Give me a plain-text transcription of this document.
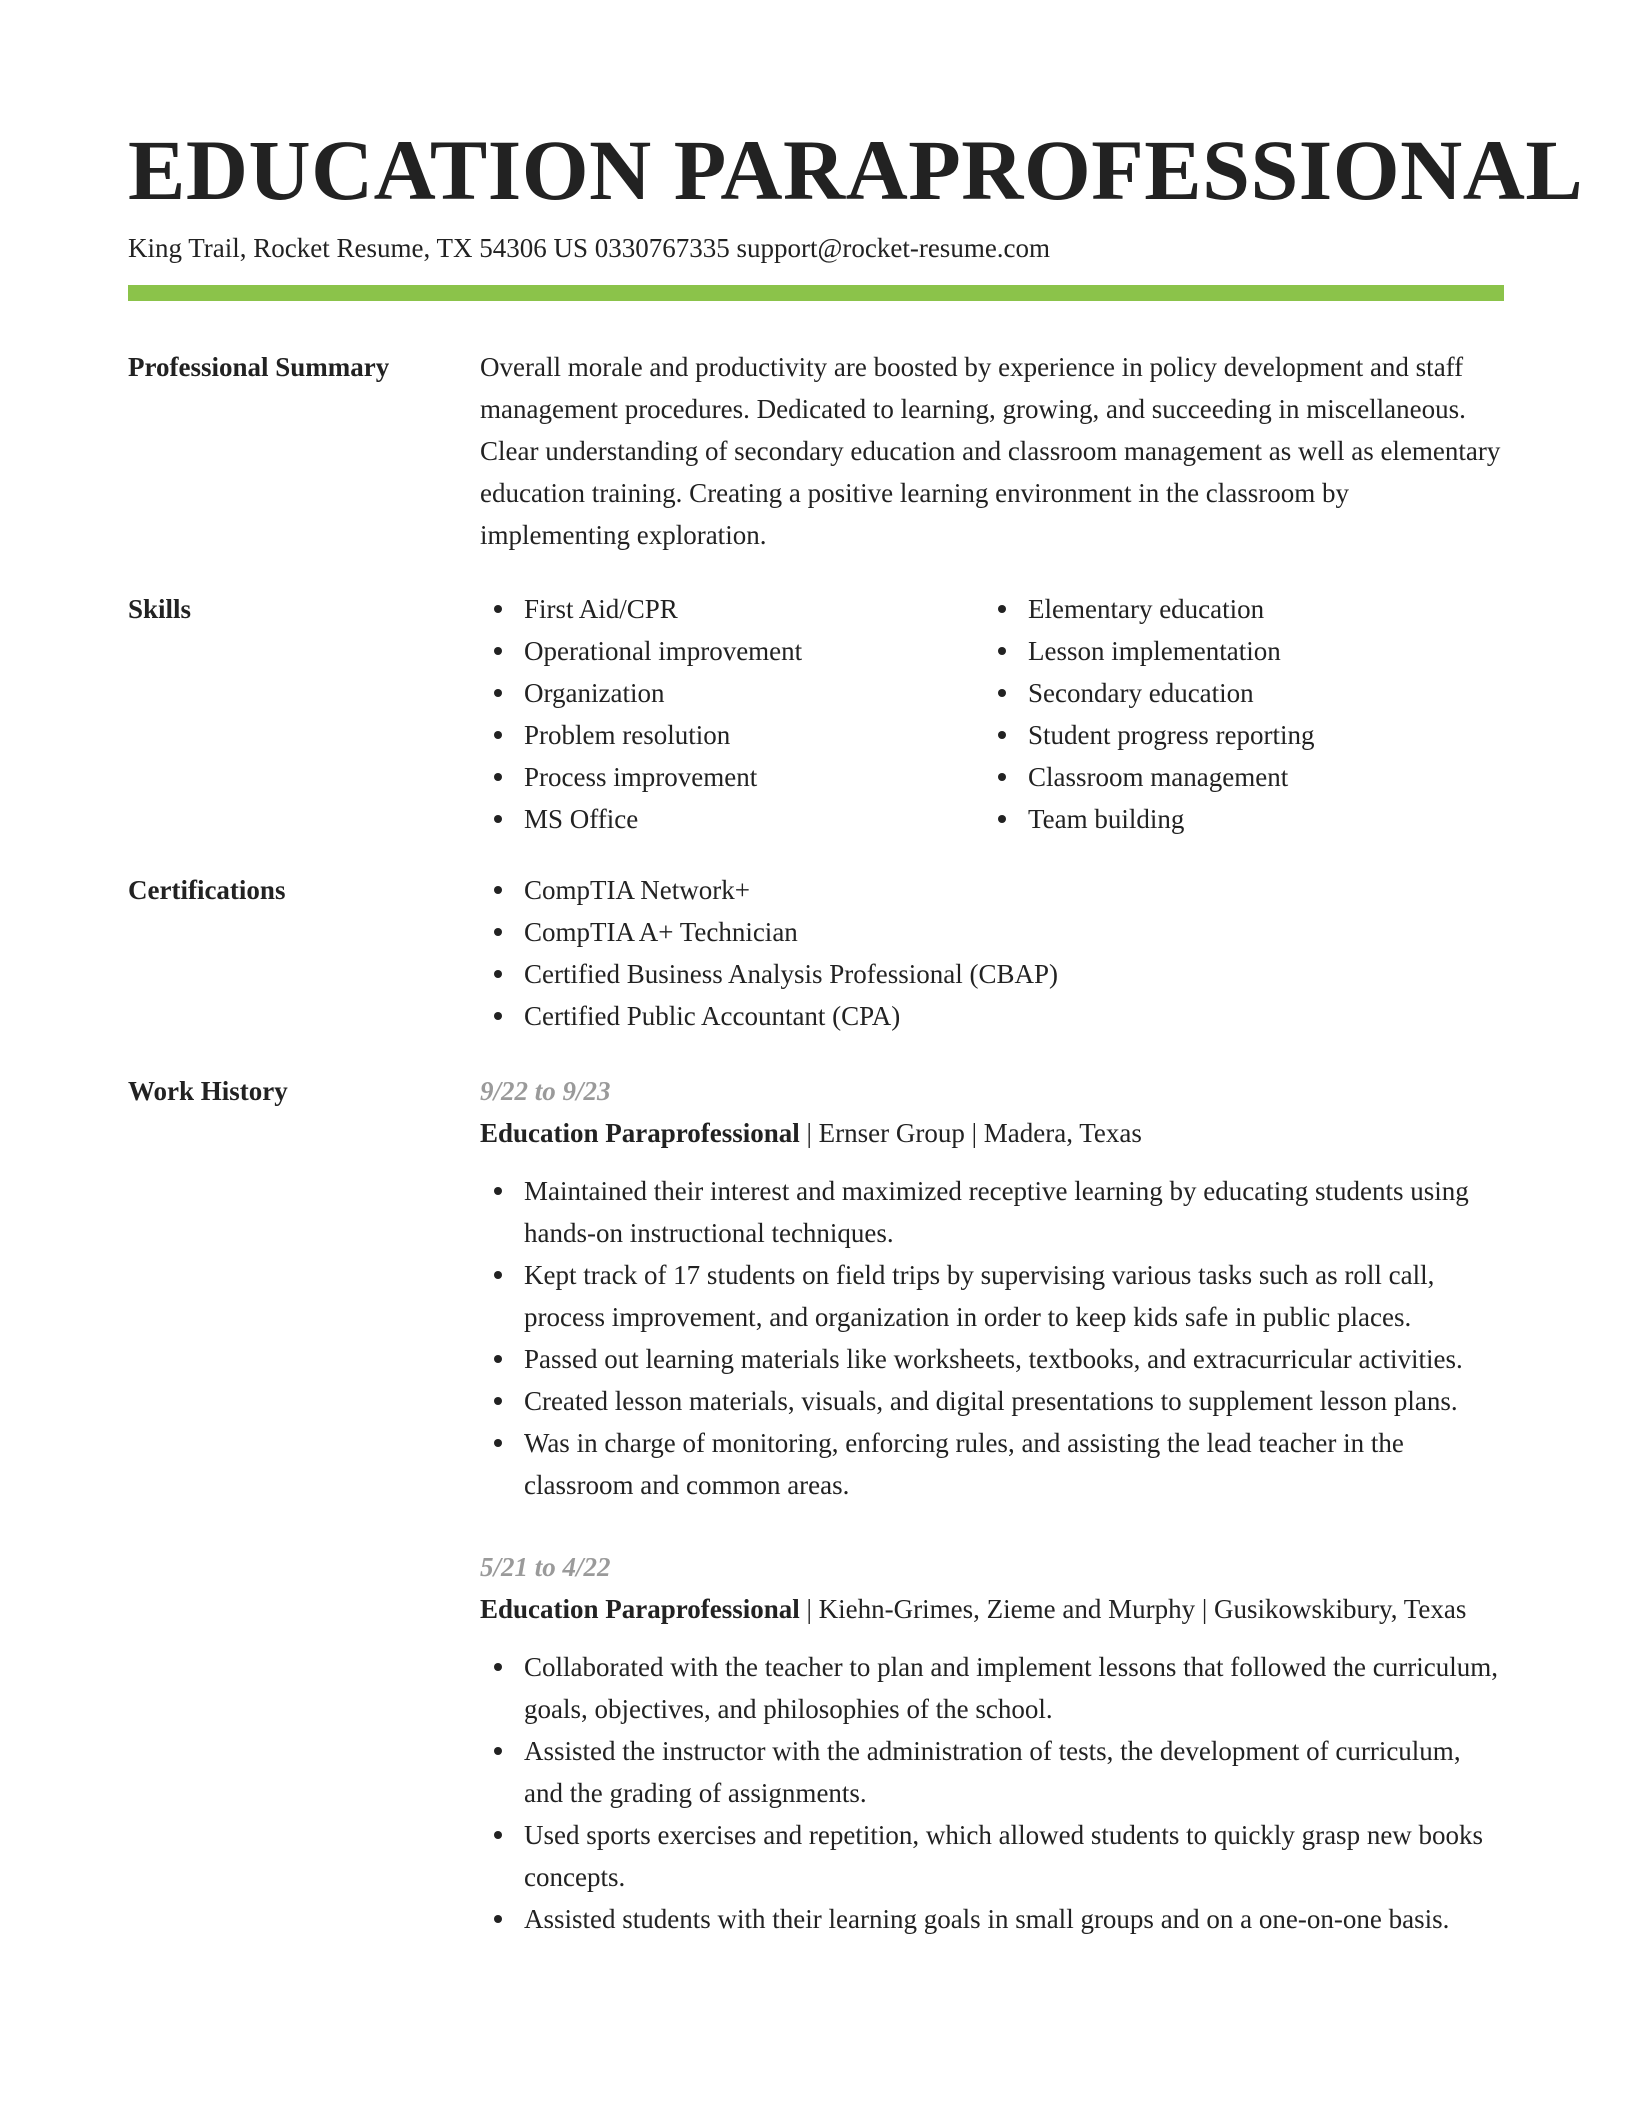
EDUCATION PARAPROFESSIONAL
King Trail, Rocket Resume, TX 54306 US 0330767335 support@rocket-resume.com
Professional Summary	Overall morale and productivity are boosted by experience in policy development and staff management procedures. Dedicated to learning, growing, and succeeding in miscellaneous. Clear understanding of secondary education and classroom management as well as elementary education training. Creating a positive learning environment in the classroom by implementing exploration.
Skills	First Aid/CPR
Operational improvement
Organization
Problem resolution
Process improvement
MS Office
Elementary education
Lesson implementation
Secondary education
Student progress reporting
Classroom management
Team building
Certifications	CompTIA Network+
CompTIA A+ Technician
Certified Business Analysis Professional (CBAP)
Certified Public Accountant (CPA)
Work History	9/22 to 9/23
Education Paraprofessional | Ernser Group | Madera, Texas
Maintained their interest and maximized receptive learning by educating students using hands-on instructional techniques.
Kept track of 17 students on field trips by supervising various tasks such as roll call, process improvement, and organization in order to keep kids safe in public places.
Passed out learning materials like worksheets, textbooks, and extracurricular activities.
Created lesson materials, visuals, and digital presentations to supplement lesson plans.
Was in charge of monitoring, enforcing rules, and assisting the lead teacher in the classroom and common areas.
5/21 to 4/22
Education Paraprofessional | Kiehn-Grimes, Zieme and Murphy | Gusikowskibury, Texas
Collaborated with the teacher to plan and implement lessons that followed the curriculum, goals, objectives, and philosophies of the school.
Assisted the instructor with the administration of tests, the development of curriculum, and the grading of assignments.
Used sports exercises and repetition, which allowed students to quickly grasp new books concepts.
Assisted students with their learning goals in small groups and on a one-on-one basis.
